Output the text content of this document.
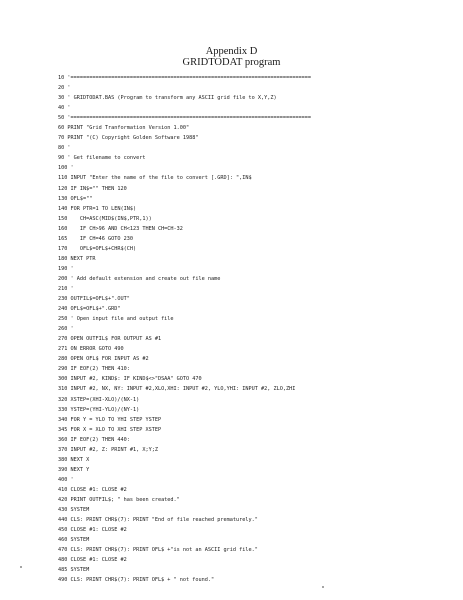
Appendix D
GRIDTODAT program
10 '=============================================================================
20 '
30 ' GRIDTODAT.BAS (Program to transform any ASCII grid file to X,Y,Z)
40 '
50 '=============================================================================
60 PRINT "Grid Tranformation Version 1.00"
70 PRINT "(C) Copyright Golden Software 1988"
80 '
90 ' Get filename to convert
100 '
110 INPUT "Enter the name of the file to convert [.GRD]: ",IN$
120 IF IN$="" THEN 120
130 OFL$=""
140 FOR PTR=1 TO LEN(IN$)
150    CH=ASC(MID$(IN$,PTR,1))
160    IF CH>96 AND CH<123 THEN CH=CH-32
165    IF CH=46 GOTO 230
170    OFL$=OFL$+CHR$(CH)
180 NEXT PTR
190 '
200 ' Add default extension and create out file name
210 '
230 OUTFIL$=OFL$+".OUT"
240 OFL$=OFL$+".GRD"
250 ' Open input file and output file
260 '
270 OPEN OUTFIL$ FOR OUTPUT AS #1
271 ON ERROR GOTO 490
280 OPEN OFL$ FOR INPUT AS #2
290 IF EOF(2) THEN 410:
300 INPUT #2, KIND$: IF KIND$<>"DSAA" GOTO 470
310 INPUT #2, NX, NY: INPUT #2,XLO,XHI: INPUT #2, YLO,YHI: INPUT #2, ZLO,ZHI
320 XSTEP=(XHI-XLO)/(NX-1)
330 YSTEP=(YHI-YLO)/(NY-1)
340 FOR Y = YLO TO YHI STEP YSTEP
345 FOR X = XLO TO XHI STEP XSTEP
360 IF EOF(2) THEN 440:
370 INPUT #2, Z: PRINT #1, X;Y;Z
380 NEXT X
390 NEXT Y
400 '
410 CLOSE #1: CLOSE #2
420 PRINT OUTFIL$; " has been created."
430 SYSTEM
440 CLS: PRINT CHR$(7): PRINT "End of file reached prematurely."
450 CLOSE #1: CLOSE #2
460 SYSTEM
470 CLS: PRINT CHR$(7): PRINT OFL$ +"is not an ASCII grid file."
480 CLOSE #1: CLOSE #2
485 SYSTEM
490 CLS: PRINT CHR$(7): PRINT OFL$ + " not found."
